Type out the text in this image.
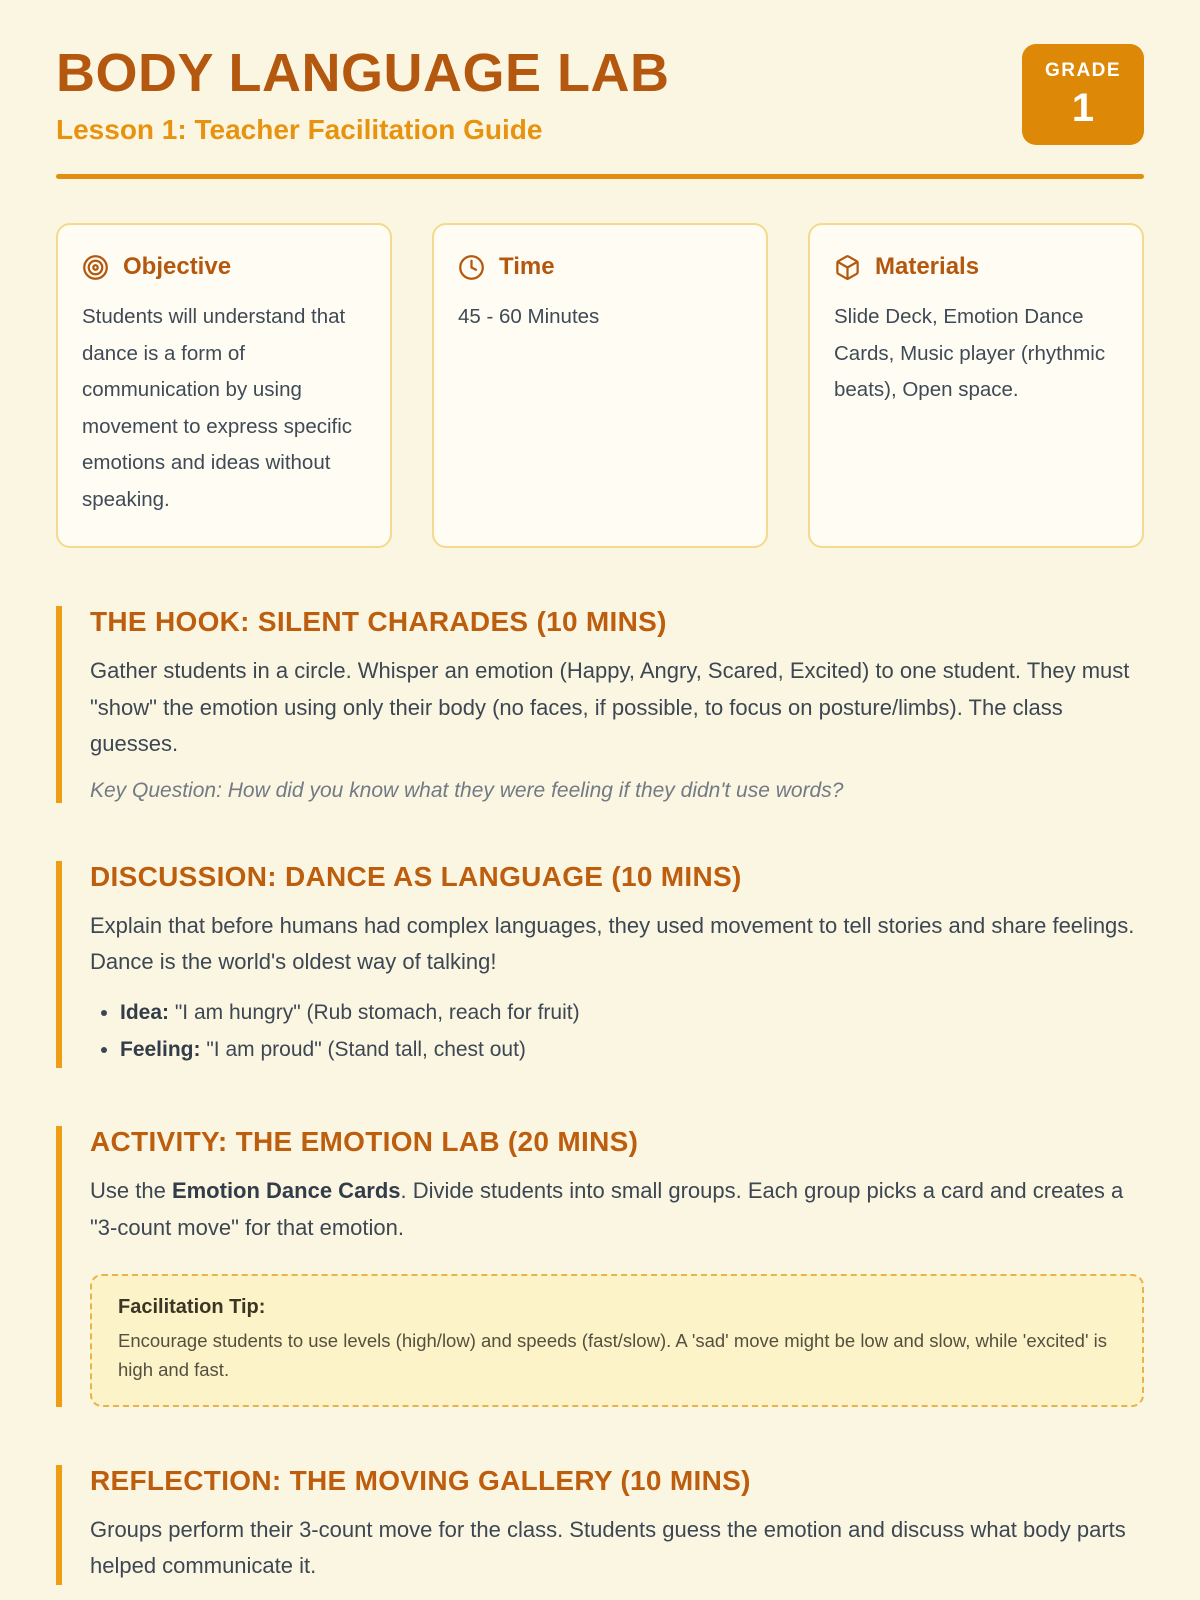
BODY LANGUAGE LAB
Lesson 1: Teacher Facilitation Guide
GRADE
1
Objective
Students will understand that dance is a form of communication by using movement to express specific emotions and ideas without speaking.
Time
45 - 60 Minutes
Materials
Slide Deck, Emotion Dance Cards, Music player (rhythmic beats), Open space.
THE HOOK: SILENT CHARADES (10 MINS)

Gather students in a circle. Whisper an emotion (Happy, Angry, Scared, Excited) to one student. They must "show" the emotion using only their body (no faces, if possible, to focus on posture/limbs). The class guesses.

Key Question: How did you know what they were feeling if they didn't use words?

DISCUSSION: DANCE AS LANGUAGE (10 MINS)

Explain that before humans had complex languages, they used movement to tell stories and share feelings. Dance is the world's oldest way of talking!

• Idea: "I am hungry" (Rub stomach, reach for fruit)
• Feeling: "I am proud" (Stand tall, chest out)
ACTIVITY: THE EMOTION LAB (20 MINS)

Use the Emotion Dance Cards. Divide students into small groups. Each group picks a card and creates a "3-count move" for that emotion.

Facilitation Tip:
Encourage students to use levels (high/low) and speeds (fast/slow). A 'sad' move might be low and slow, while 'excited' is high and fast.
REFLECTION: THE MOVING GALLERY (10 MINS)

Groups perform their 3-count move for the class. Students guess the emotion and discuss what body parts helped communicate it.
